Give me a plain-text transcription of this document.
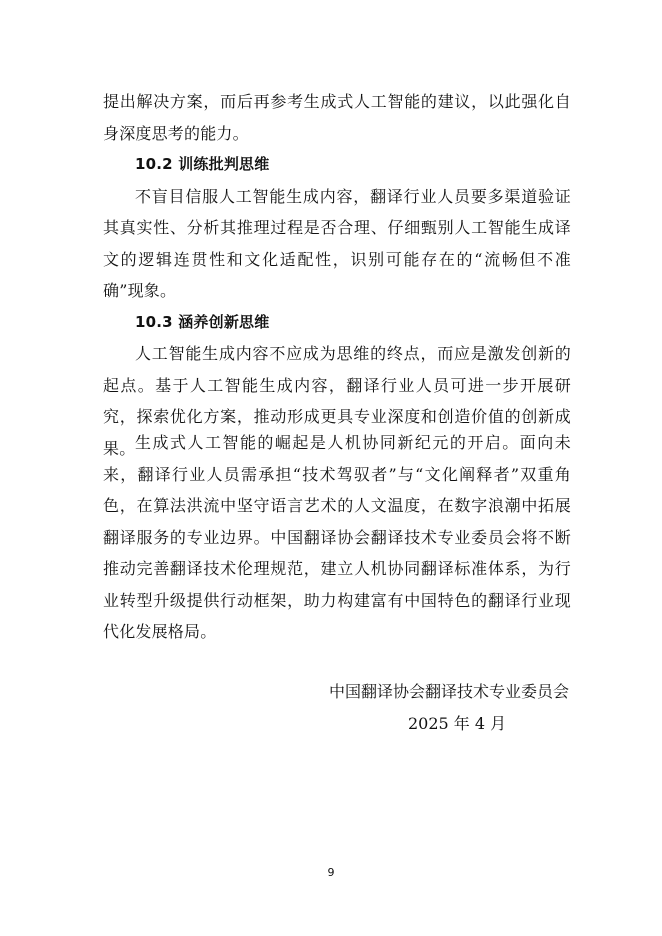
提出解决方案，而后再参考生成式人工智能的建议，以此强化自身深度思考的能力。

10.2 训练批判思维

不盲目信服人工智能生成内容，翻译行业人员要多渠道验证其真实性、分析其推理过程是否合理、仔细甄别人工智能生成译文的逻辑连贯性和文化适配性，识别可能存在的“流畅但不准确”现象。

10.3 涵养创新思维

人工智能生成内容不应成为思维的终点，而应是激发创新的起点。基于人工智能生成内容，翻译行业人员可进一步开展研究，探索优化方案，推动形成更具专业深度和创造价值的创新成果。 生成式人工智能的崛起是人机协同新纪元的开启。面向未来，翻译行业人员需承担“技术驾驭者”与“文化阐释者”双重角色，在算法洪流中坚守语言艺术的人文温度，在数字浪潮中拓展翻译服务的专业边界。中国翻译协会翻译技术专业委员会将不断推动完善翻译技术伦理规范，建立人机协同翻译标准体系，为行业转型升级提供行动框架，助力构建富有中国特色的翻译行业现代化发展格局。

中国翻译协会翻译技术专业委员会
2025 年 4 月
9
